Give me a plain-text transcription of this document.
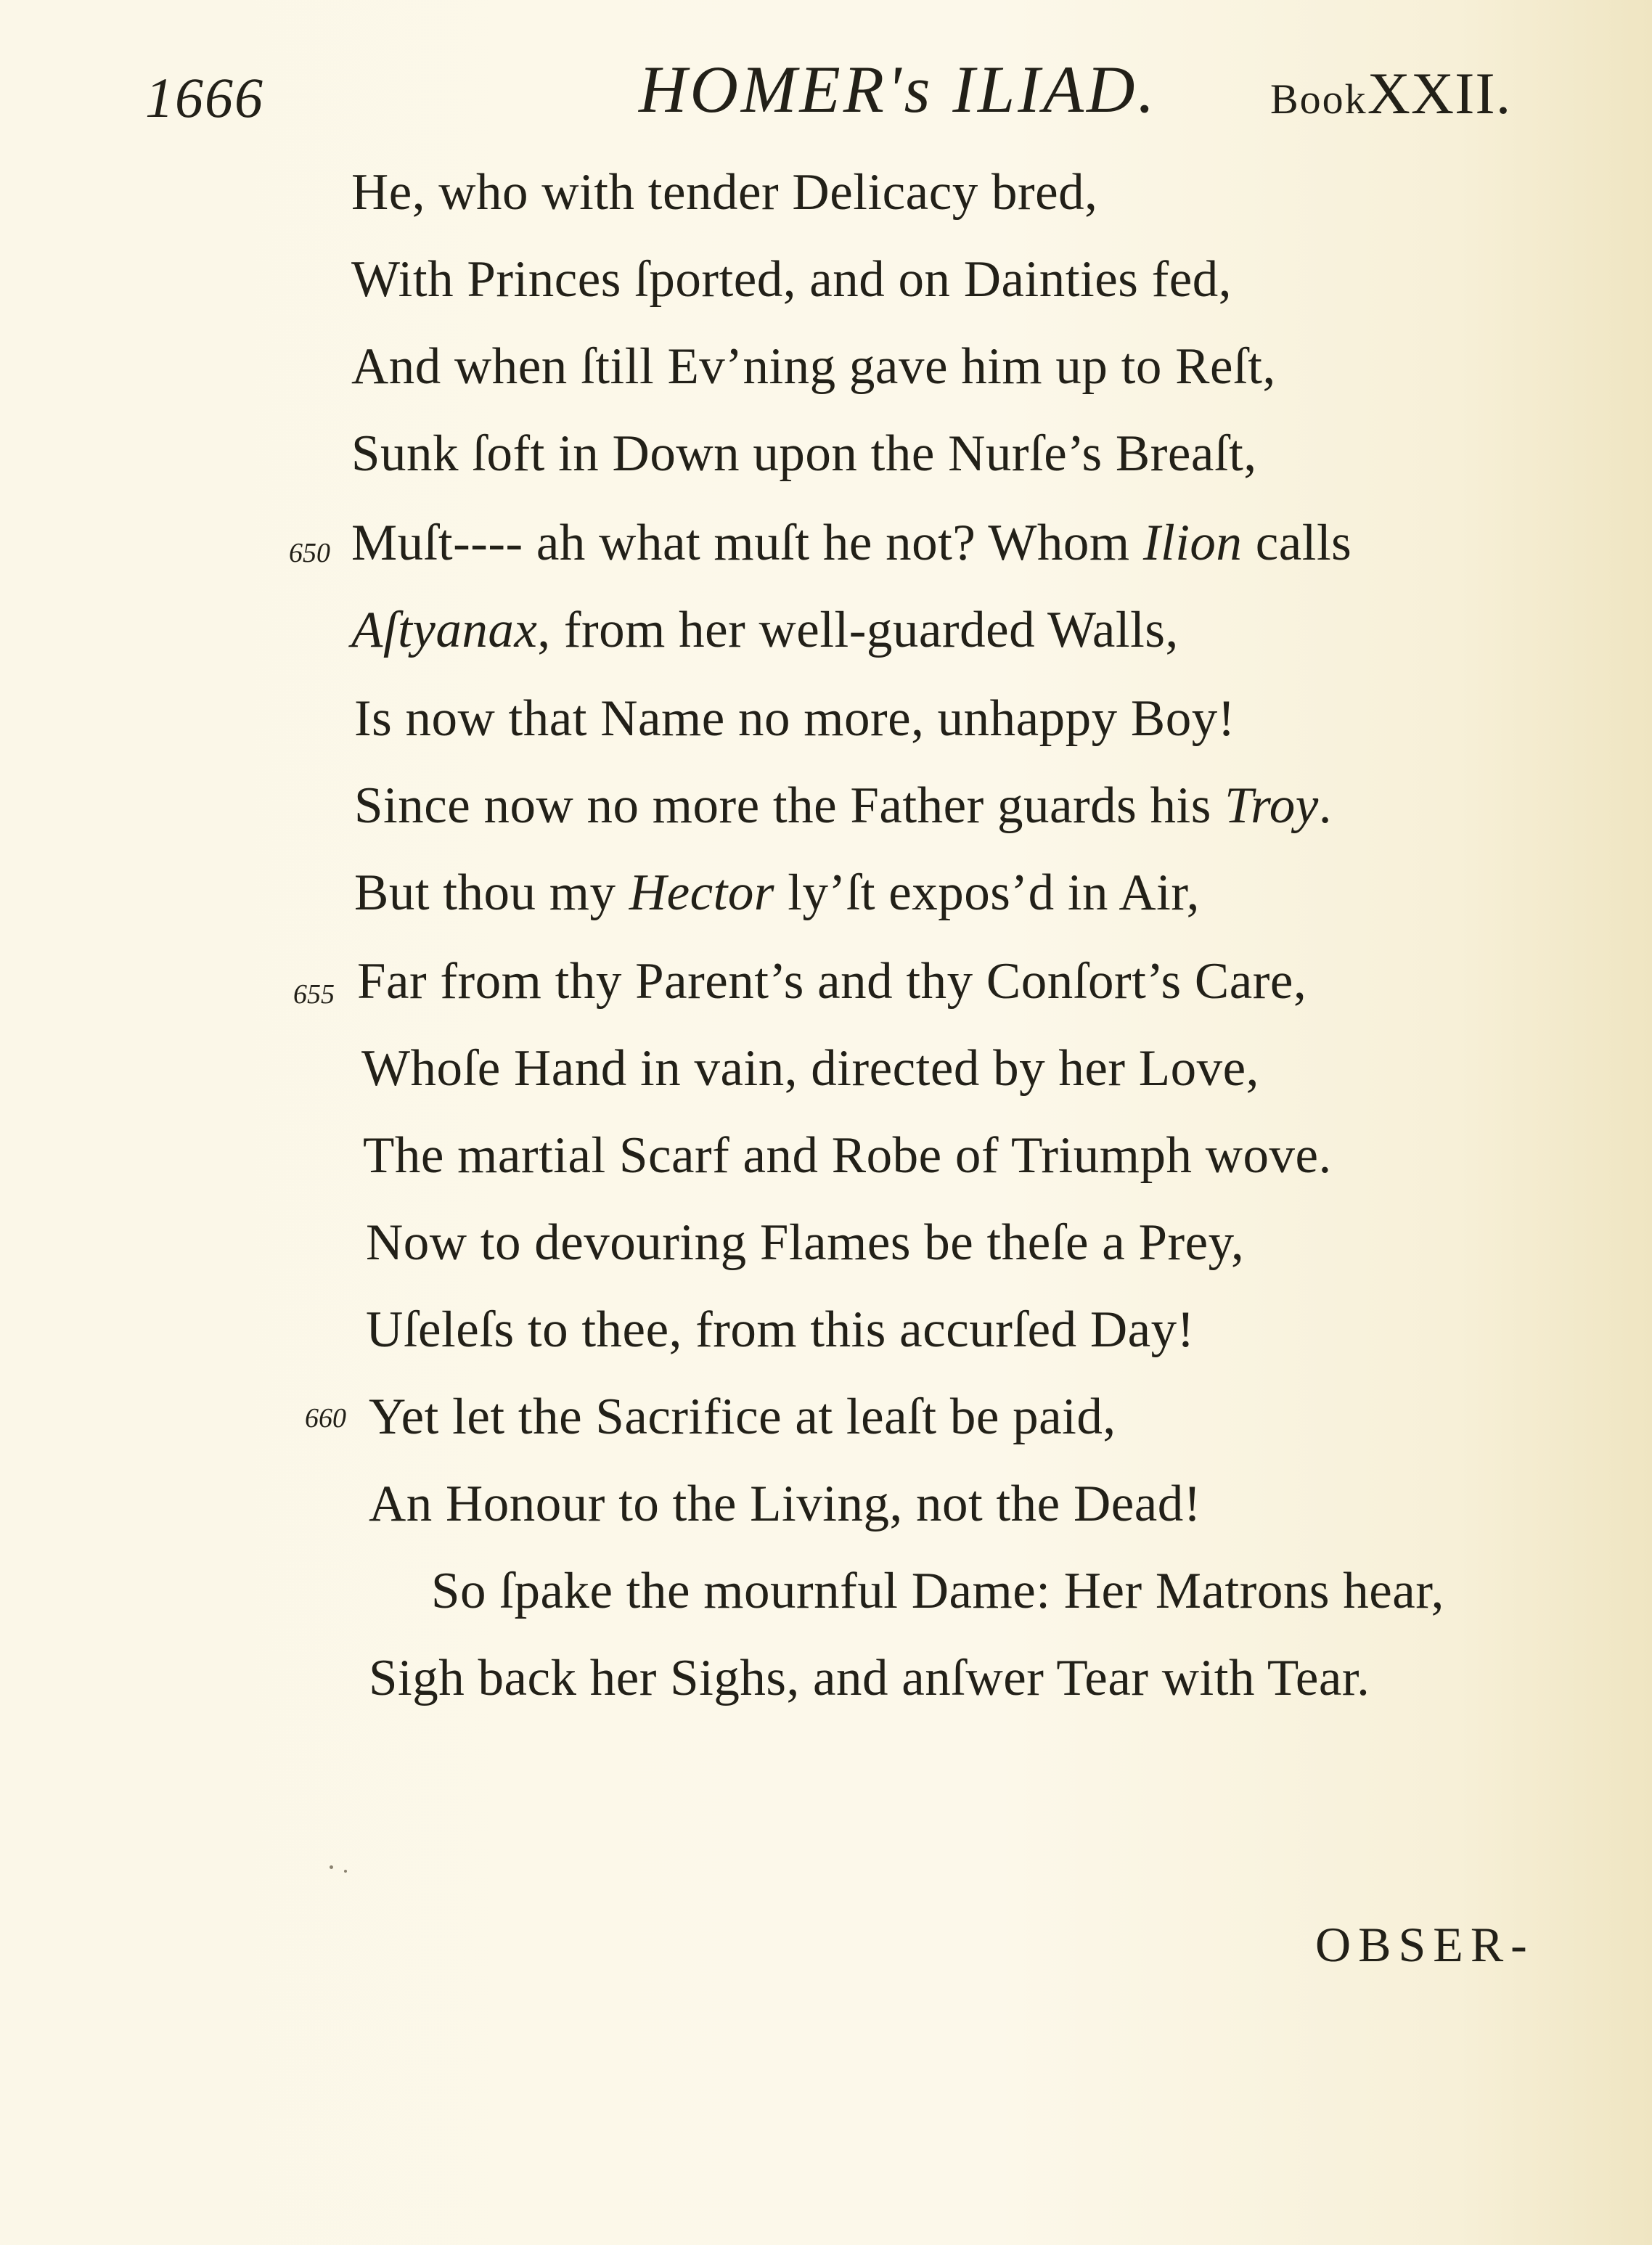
1666	HOMER's ILIAD.	BookXXII.
He, who with tender Delicacy bred,
With Princes ſported, and on Dainties fed,
And when ſtill Ev’ning gave him up to Reſt,
Sunk ſoft in Down upon the Nurſe’s Breaſt,
650 Muſt---- ah what muſt he not? Whom Ilion calls
Aſtyanax, from her well-guarded Walls,
Is now that Name no more, unhappy Boy!
Since now no more the Father guards his Troy.
But thou my Hector ly’ſt expos’d in Air,
655 Far from thy Parent’s and thy Conſort’s Care,
Whoſe Hand in vain, directed by her Love,
The martial Scarf and Robe of Triumph wove.
Now to devouring Flames be theſe a Prey,
Uſeleſs to thee, from this accurſed Day!
660 Yet let the Sacrifice at leaſt be paid,
An Honour to the Living, not the Dead!
So ſpake the mournful Dame: Her Matrons hear,
Sigh back her Sighs, and anſwer Tear with Tear.
OBSER-
